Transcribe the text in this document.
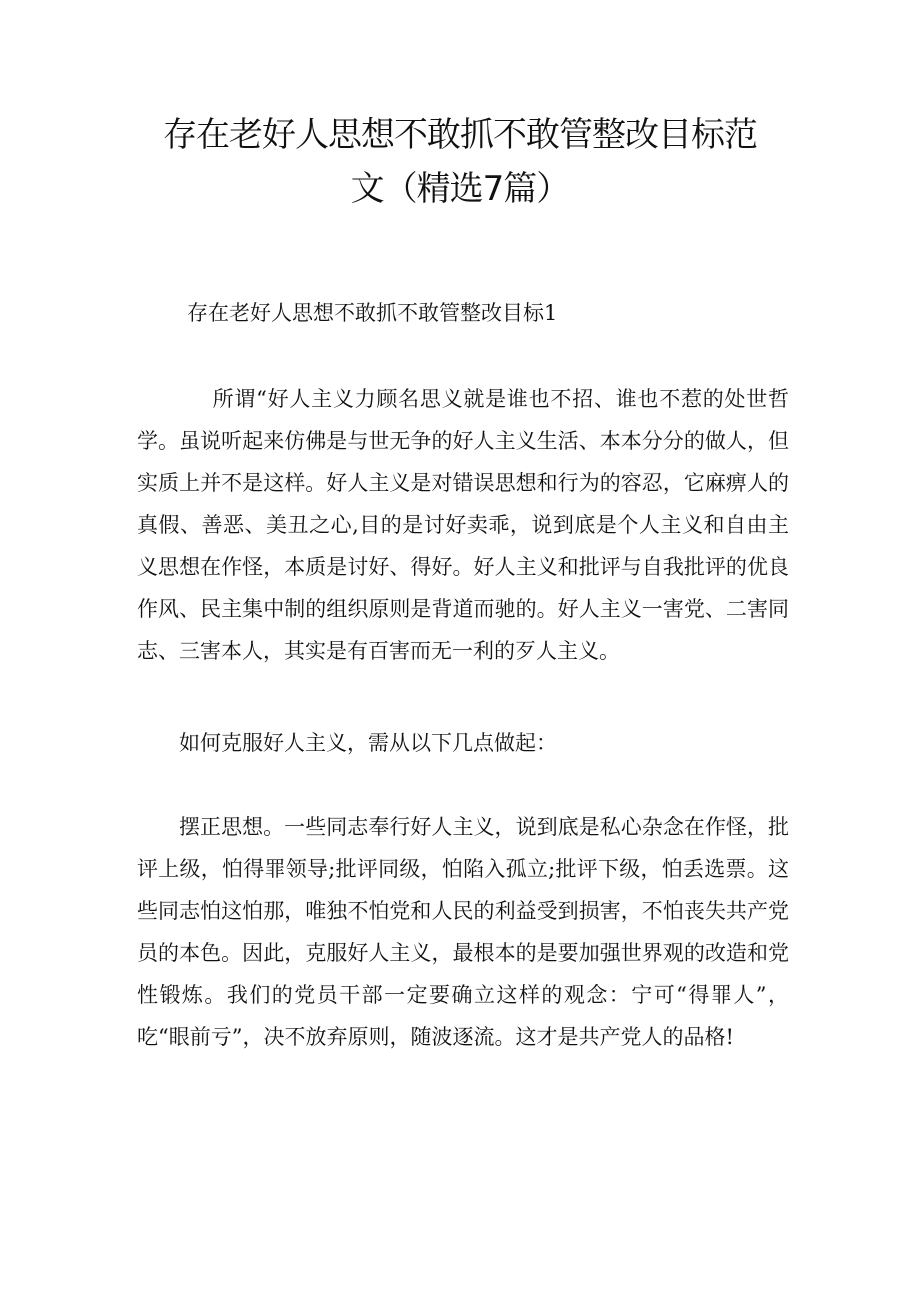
存在老好人思想不敢抓不敢管整改目标范
文（精选7篇）
存在老好人思想不敢抓不敢管整改目标1
所谓“好人主义力顾名思义就是谁也不招、谁也不惹的处世哲学。虽说听起来仿佛是与世无争的好人主义生活、本本分分的做人，但实质上并不是这样。好人主义是对错误思想和行为的容忍，它麻痹人的真假、善恶、美丑之心,目的是讨好卖乖，说到底是个人主义和自由主义思想在作怪，本质是讨好、得好。好人主义和批评与自我批评的优良作风、民主集中制的组织原则是背道而驰的。好人主义一害党、二害同志、三害本人，其实是有百害而无一利的歹人主义。
如何克服好人主义，需从以下几点做起：
摆正思想。一些同志奉行好人主义，说到底是私心杂念在作怪，批评上级，怕得罪领导;批评同级，怕陷入孤立;批评下级，怕丢选票。这些同志怕这怕那，唯独不怕党和人民的利益受到损害，不怕丧失共产党员的本色。因此，克服好人主义，最根本的是要加强世界观的改造和党性锻炼。我们的党员干部一定要确立这样的观念：宁可“得罪人”，吃“眼前亏”，决不放弃原则，随波逐流。这才是共产党人的品格!
